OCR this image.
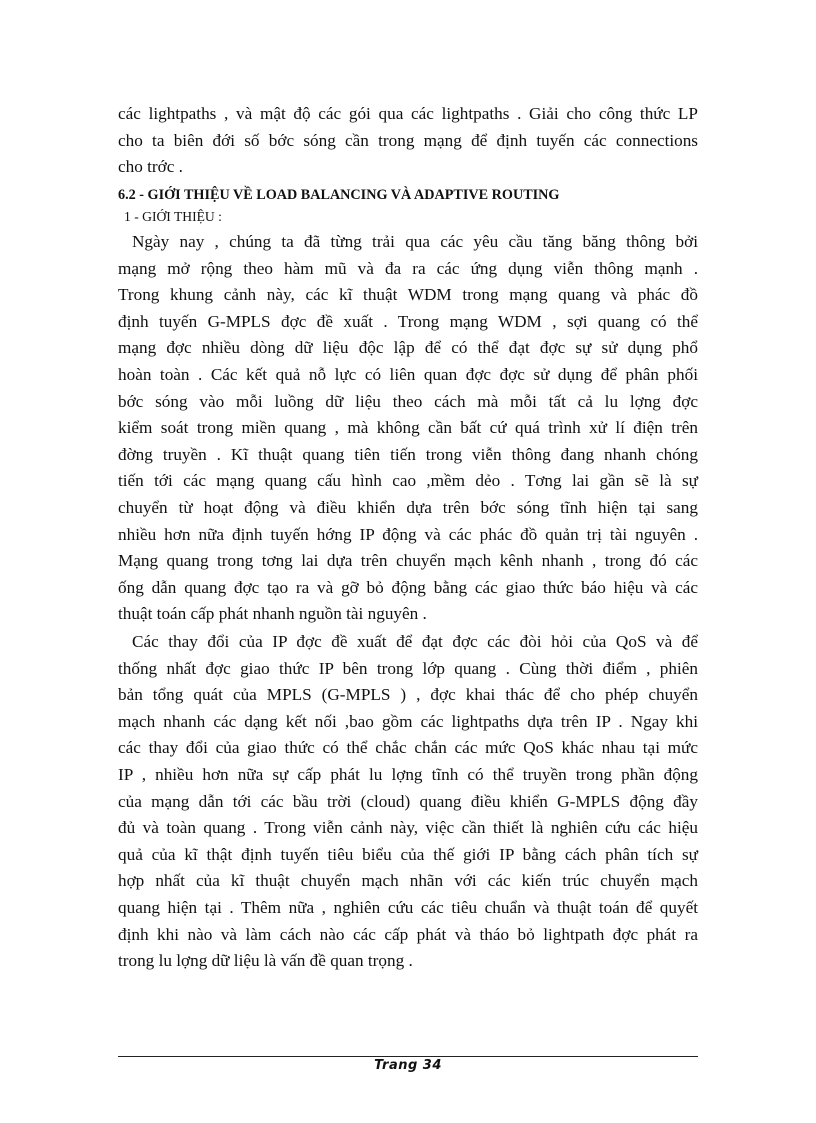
các lightpaths , và mật độ các gói qua các lightpaths . Giải cho công thức LP
cho ta biên đới số bớc sóng cần trong mạng để định tuyến các connections
cho trớc .
6.2 - GIỚI THIỆU VỀ LOAD BALANCING VÀ ADAPTIVE ROUTING
1 - GIỚI THIỆU :
Ngày nay , chúng ta đã từng trải qua các yêu cầu tăng băng thông bởi
mạng mở rộng theo hàm mũ và đa ra các ứng dụng viễn thông mạnh .
Trong khung cảnh này, các kĩ thuật WDM trong mạng quang và phác đồ
định tuyến G-MPLS đợc đề xuất . Trong mạng WDM , sợi quang có thể
mạng đợc nhiều dòng dữ liệu độc lập để có thể đạt đợc sự sử dụng phổ
hoàn toàn . Các kết quả nỗ lực có liên quan đợc đợc sử dụng để phân phối
bớc sóng vào mỗi luồng dữ liệu theo cách mà mỗi tất cả lu lợng đợc
kiểm soát trong miền quang , mà không cần bất cứ quá trình xử lí điện trên
đờng truyền . Kĩ thuật quang tiên tiến trong viễn thông đang nhanh chóng
tiến tới các mạng quang cấu hình cao ,mềm dẻo . Tơng lai gần sẽ là sự
chuyển từ hoạt động và điều khiển dựa trên bớc sóng tĩnh hiện tại sang
nhiều hơn nữa định tuyến hớng IP động và các phác đồ quản trị tài nguyên .
Mạng quang trong tơng lai dựa trên chuyển mạch kênh nhanh , trong đó các
ống dẫn quang đợc tạo ra và gỡ bỏ động bằng các giao thức báo hiệu và các
thuật toán cấp phát nhanh nguồn tài nguyên .
Các thay đổi của IP đợc đề xuất để đạt đợc các đòi hỏi của QoS và để
thống nhất đợc giao thức IP bên trong lớp quang . Cùng thời điểm , phiên
bản tổng quát của MPLS (G-MPLS ) , đợc khai thác để cho phép chuyển
mạch nhanh các dạng kết nối ,bao gồm các lightpaths dựa trên IP . Ngay khi
các thay đổi của giao thức có thể chắc chắn các mức QoS khác nhau tại mức
IP , nhiều hơn nữa sự cấp phát lu lợng tĩnh có thể truyền trong phần động
của mạng dẫn tới các bầu trời (cloud) quang điều khiển G-MPLS động đầy
đủ và toàn quang . Trong viễn cảnh này, việc cần thiết là nghiên cứu các hiệu
quả của kĩ thật định tuyến tiêu biểu của thế giới IP bằng cách phân tích sự
hợp nhất của kĩ thuật chuyển mạch nhãn với các kiến trúc chuyển mạch
quang hiện tại . Thêm nữa , nghiên cứu các tiêu chuẩn và thuật toán để quyết
định khi nào và làm cách nào các cấp phát và tháo bỏ lightpath đợc phát ra
trong lu lợng dữ liệu là vấn đề quan trọng .
Trang 34
